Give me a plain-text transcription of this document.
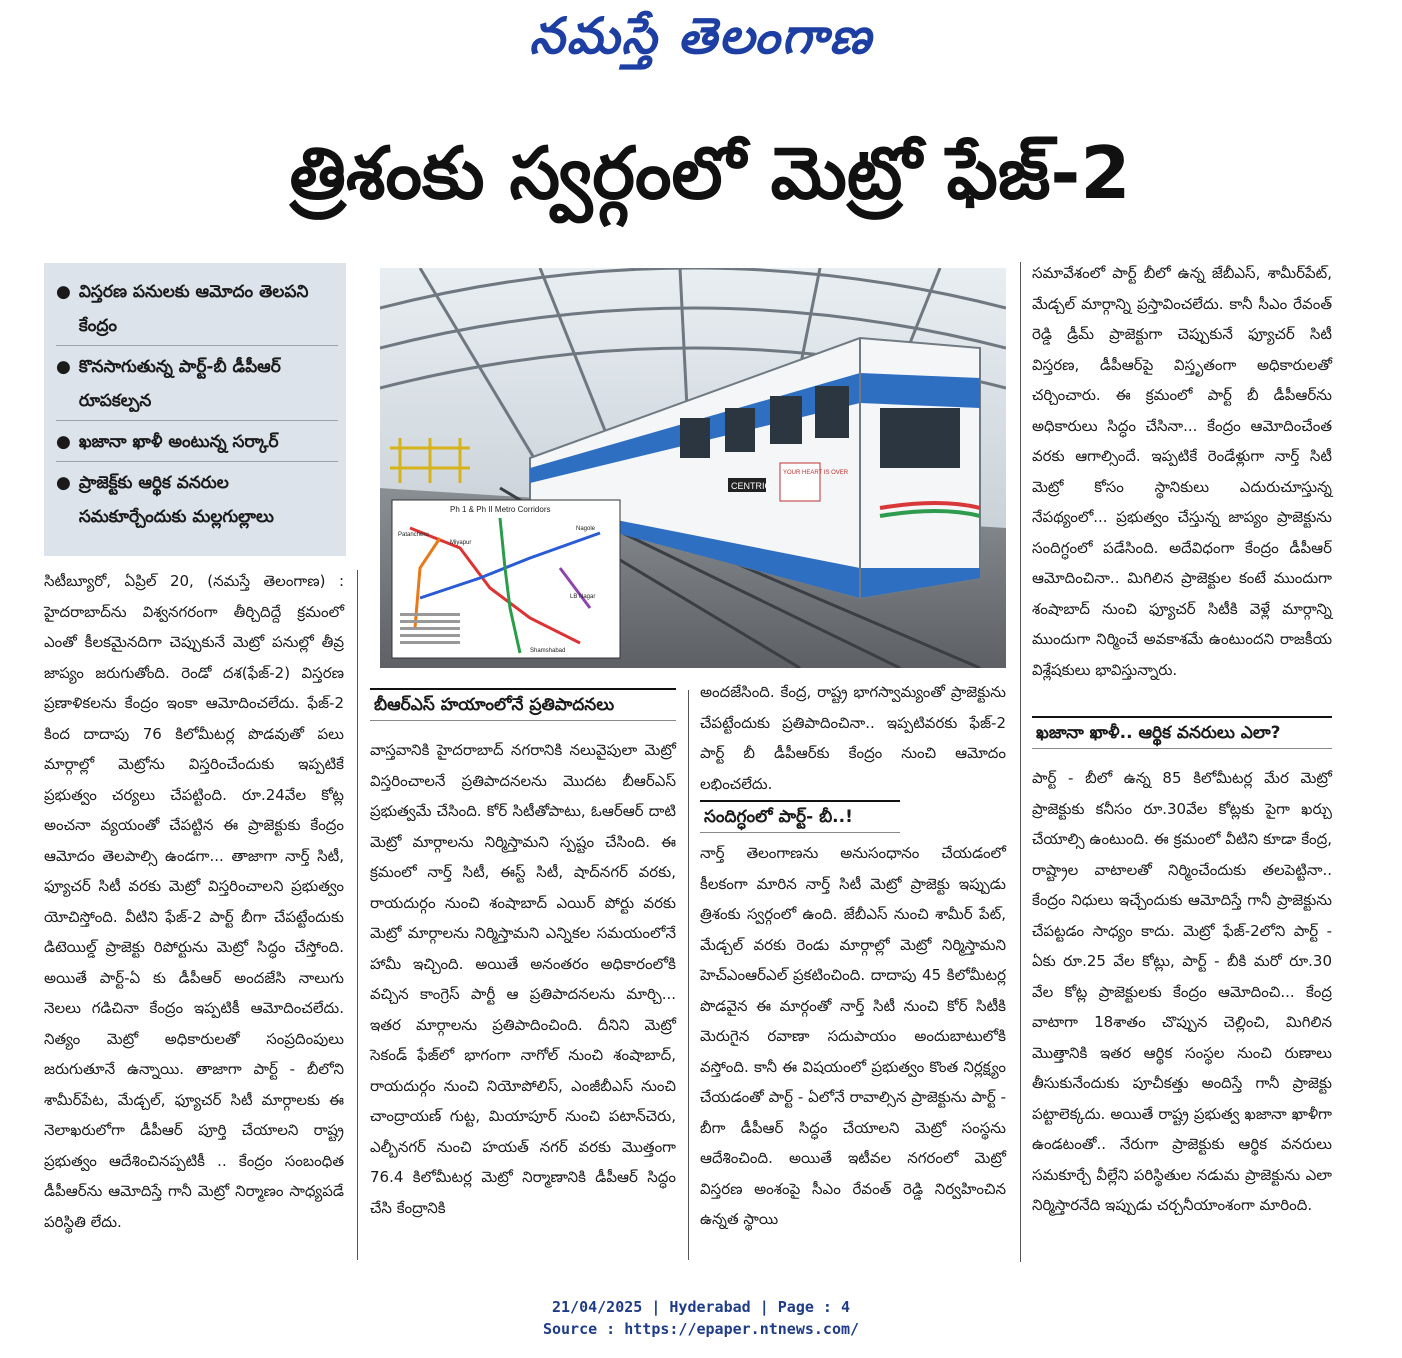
నమస్తే తెలంగాణ
త్రిశంకు స్వర్గంలో మెట్రో ఫేజ్-2
● విస్తరణ పనులకు ఆమోదం తెలపని కేంద్రం
● కొనసాగుతున్న పార్ట్-బీ డీపీఆర్ రూపకల్పన
● ఖజానా ఖాళీ అంటున్న సర్కార్
● ప్రాజెక్ట్‌కు ఆర్థిక వనరుల సమకూర్చేందుకు మల్లగుల్లాలు
CENTRIC
YOUR HEART IS OVER
Ph 1 & Ph II Metro Corridors
Patancheru
Miyapur
Nagole
Shamshabad
LB Nagar

సిటీబ్యూరో, ఏప్రిల్ 20, (నమస్తే తెలంగాణ) : హైదరాబాద్‌ను విశ్వనగరంగా తీర్చిదిద్దే క్రమంలో ఎంతో కీలకమైనదిగా చెప్పుకునే మెట్రో పనుల్లో తీవ్ర జాప్యం జరుగుతోంది. రెండో దశ(ఫేజ్-2) విస్తరణ ప్రణాళికలను కేంద్రం ఇంకా ఆమోదించలేదు. ఫేజ్-2 కింద దాదాపు 76 కిలోమీటర్ల పొడవుతో పలు మార్గాల్లో మెట్రోను విస్తరించేందుకు ఇప్పటికే ప్రభుత్వం చర్యలు చేపట్టింది. రూ.24వేల కోట్ల అంచనా వ్యయంతో చేపట్టిన ఈ ప్రాజెక్టుకు కేంద్రం ఆమోదం తెలపాల్సి ఉండగా... తాజాగా నార్త్ సిటీ, ఫ్యూచర్ సిటీ వరకు మెట్రో విస్తరించాలని ప్రభుత్వం యోచిస్తోంది. వీటిని ఫేజ్-2 పార్ట్ బీగా చేపట్టేందుకు డిటెయిల్డ్ ప్రాజెక్టు రిపోర్టును మెట్రో సిద్ధం చేస్తోంది. అయితే పార్ట్-ఏ కు డీపీఆర్ అందజేసి నాలుగు నెలలు గడిచినా కేంద్రం ఇప్పటికీ ఆమోదించలేదు. నిత్యం మెట్రో అధికారులతో సంప్రదింపులు జరుగుతూనే ఉన్నాయి. తాజాగా పార్ట్ - బీలోని శామీర్‌పేట, మేడ్చల్, ఫ్యూచర్ సిటీ మార్గాలకు ఈ నెలాఖరులోగా డీపీఆర్ పూర్తి చేయాలని రాష్ట్ర ప్రభుత్వం ఆదేశించినప్పటికీ .. కేంద్రం సంబంధిత డీపీఆర్‌ను ఆమోదిస్తే గానీ మెట్రో నిర్మాణం సాధ్యపడే పరిస్థితి లేదు.

బీఆర్‌ఎస్ హయాంలోనే ప్రతిపాదనలు

వాస్తవానికి హైదరాబాద్ నగరానికి నలువైపులా మెట్రో విస్తరించాలనే ప్రతిపాదనలను మొదట బీఆర్‌ఎస్ ప్రభుత్వమే చేసింది. కోర్ సిటీతోపాటు, ఓఆర్‌ఆర్ దాటి మెట్రో మార్గాలను నిర్మిస్తామని స్పష్టం చేసింది. ఈ క్రమంలో నార్త్ సిటీ, ఈస్ట్ సిటీ, షాద్‌నగర్ వరకు, రాయదుర్గం నుంచి శంషాబాద్ ఎయిర్ పోర్టు వరకు మెట్రో మార్గాలను నిర్మిస్తామని ఎన్నికల సమయంలోనే హామీ ఇచ్చింది. అయితే అనంతరం అధికారంలోకి వచ్చిన కాంగ్రెస్ పార్టీ ఆ ప్రతిపాదనలను మార్చి... ఇతర మార్గాలను ప్రతిపాదించింది. దీనిని మెట్రో సెకండ్ ఫేజ్‌లో భాగంగా నాగోల్ నుంచి శంషాబాద్, రాయదుర్గం నుంచి నియోపోలిస్, ఎంజీబీఎస్ నుంచి చాంద్రాయణ్ గుట్ట, మియాపూర్ నుంచి పటాన్‌చెరు, ఎల్బీనగర్ నుంచి హయత్ నగర్ వరకు మొత్తంగా 76.4 కిలోమీటర్ల మెట్రో నిర్మాణానికి డీపీఆర్ సిద్ధం చేసి కేంద్రానికి

అందజేసింది. కేంద్ర, రాష్ట్ర భాగస్వామ్యంతో ప్రాజెక్టును చేపట్టేందుకు ప్రతిపాదించినా.. ఇప్పటివరకు ఫేజ్-2 పార్ట్ బీ డీపీఆర్‌కు కేంద్రం నుంచి ఆమోదం లభించలేదు.

సందిగ్ధంలో పార్ట్- బీ..!

నార్త్ తెలంగాణను అనుసంధానం చేయడంలో కీలకంగా మారిన నార్త్ సిటీ మెట్రో ప్రాజెక్టు ఇప్పుడు త్రిశంకు స్వర్గంలో ఉంది. జేబీఎస్ నుంచి శామీర్ పేట్, మేడ్చల్ వరకు రెండు మార్గాల్లో మెట్రో నిర్మిస్తామని హెచ్ఎంఆర్ఎల్ ప్రకటించింది. దాదాపు 45 కిలోమీటర్ల పొడవైన ఈ మార్గంతో నార్త్ సిటీ నుంచి కోర్ సిటీకి మెరుగైన రవాణా సదుపాయం అందుబాటులోకి వస్తోంది. కానీ ఈ విషయంలో ప్రభుత్వం కొంత నిర్లక్ష్యం చేయడంతో పార్ట్ - ఏలోనే రావాల్సిన ప్రాజెక్టును పార్ట్ - బీగా డీపీఆర్ సిద్ధం చేయాలని మెట్రో సంస్థను ఆదేశించింది. అయితే ఇటీవల నగరంలో మెట్రో విస్తరణ అంశంపై సీఎం రేవంత్ రెడ్డి నిర్వహించిన ఉన్నత స్థాయి

సమావేశంలో పార్ట్ బీలో ఉన్న జేబీఎస్, శామీర్‌పేట్, మేడ్చల్ మార్గాన్ని ప్రస్తావించలేదు. కానీ సీఎం రేవంత్ రెడ్డి డ్రీమ్ ప్రాజెక్టుగా చెప్పుకునే ఫ్యూచర్ సిటీ విస్తరణ, డీపీఆర్‌పై విస్తృతంగా అధికారులతో చర్చించారు. ఈ క్రమంలో పార్ట్ బీ డీపీఆర్‌ను అధికారులు సిద్ధం చేసినా... కేంద్రం ఆమోదించేంత వరకు ఆగాల్సిందే. ఇప్పటికే రెండేళ్లుగా నార్త్ సిటీ మెట్రో కోసం స్థానికులు ఎదురుచూస్తున్న నేపథ్యంలో... ప్రభుత్వం చేస్తున్న జాప్యం ప్రాజెక్టును సందిగ్ధంలో పడేసింది. అదేవిధంగా కేంద్రం డీపీఆర్ ఆమోదించినా.. మిగిలిన ప్రాజెక్టుల కంటే ముందుగా శంషాబాద్ నుంచి ఫ్యూచర్ సిటీకి వెళ్లే మార్గాన్ని ముందుగా నిర్మించే అవకాశమే ఉంటుందని రాజకీయ విశ్లేషకులు భావిస్తున్నారు.

ఖజానా ఖాళీ.. ఆర్థిక వనరులు ఎలా?

పార్ట్ - బీలో ఉన్న 85 కిలోమీటర్ల మేర మెట్రో ప్రాజెక్టుకు కనీసం రూ.30వేల కోట్లకు పైగా ఖర్చు చేయాల్సి ఉంటుంది. ఈ క్రమంలో వీటిని కూడా కేంద్ర, రాష్ట్రాల వాటాలతో నిర్మించేందుకు తలపెట్టినా.. కేంద్రం నిధులు ఇచ్చేందుకు ఆమోదిస్తే గానీ ప్రాజెక్టును చేపట్టడం సాధ్యం కాదు. మెట్రో ఫేజ్-2లోని పార్ట్ - ఏకు రూ.25 వేల కోట్లు, పార్ట్ - బీకి మరో రూ.30 వేల కోట్ల ప్రాజెక్టులకు కేంద్రం ఆమోదించి... కేంద్ర వాటాగా 18శాతం చొప్పున చెల్లించి, మిగిలిన మొత్తానికి ఇతర ఆర్థిక సంస్థల నుంచి రుణాలు తీసుకునేందుకు పూచీకత్తు అందిస్తే గానీ ప్రాజెక్టు పట్టాలెక్కదు. అయితే రాష్ట్ర ప్రభుత్వ ఖజానా ఖాళీగా ఉండటంతో.. నేరుగా ప్రాజెక్టుకు ఆర్థిక వనరులు సమకూర్చే వీల్లేని పరిస్థితుల నడుమ ప్రాజెక్టును ఎలా నిర్మిస్తారనేది ఇప్పుడు చర్చనీయాంశంగా మారింది.

21/04/2025 | Hyderabad | Page : 4
Source : https://epaper.ntnews.com/
